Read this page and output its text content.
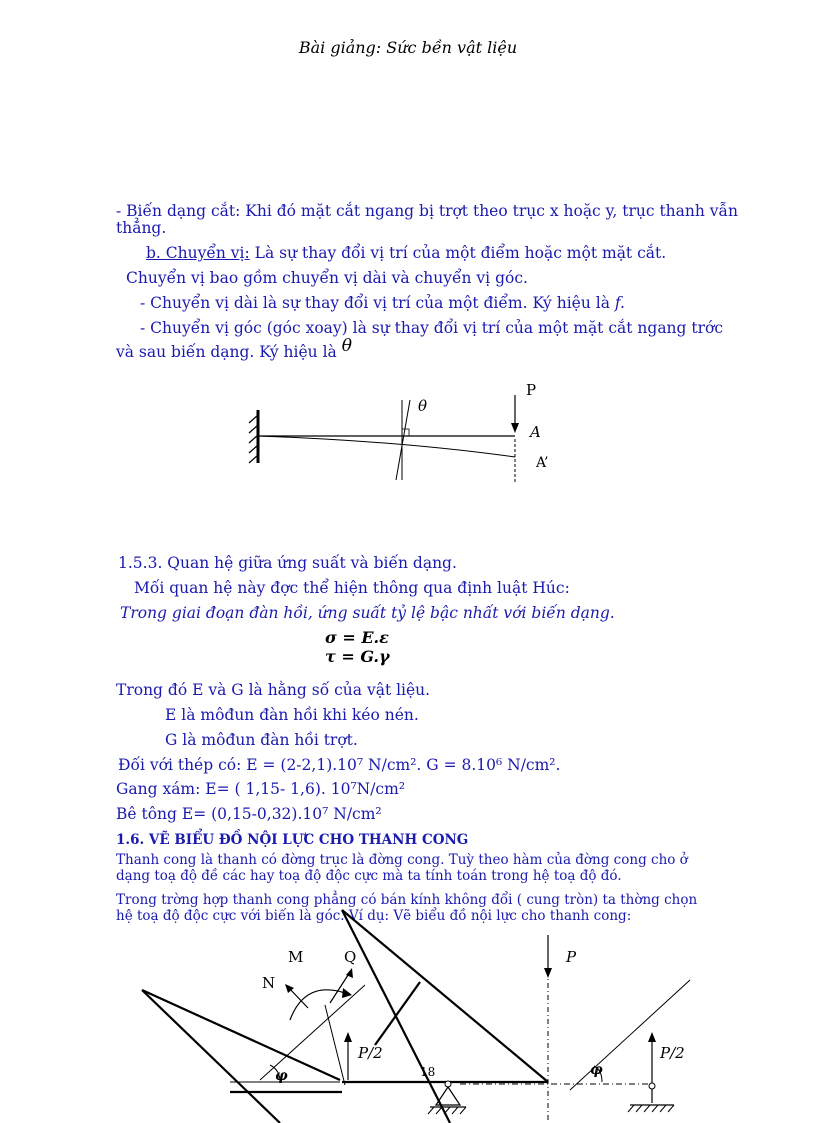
Bài giảng: Sức bền vật liệu
- Biến dạng cắt: Khi đó mặt cắt ngang bị trợt theo trục x hoặc y, trục thanh vẫn
thẳng.
b. Chuyển vị: Là sự thay đổi vị trí của một điểm hoặc một mặt cắt.
Chuyển vị bao gồm chuyển vị dài và chuyển vị góc.
- Chuyển vị dài là sự thay đổi vị trí của một điểm. Ký hiệu là f.
- Chuyển vị góc (góc xoay) là sự thay đổi vị trí của một mặt cắt ngang trớc
và sau biến dạng. Ký hiệu là θ
θ
P
A
A’
1.5.3. Quan hệ giữa ứng suất và biến dạng.
Mối quan hệ này đợc thể hiện thông qua định luật Húc:
Trong giai đoạn đàn hồi, ứng suất tỷ lệ bậc nhất với biến dạng.
σ = E.ε
τ = G.γ
Trong đó E và G là hằng số của vật liệu.
E là môđun đàn hồi khi kéo nén.
G là môđun đàn hồi trợt.
Đối với thép có: E = (2-2,1).10⁷ N/cm². G = 8.10⁶ N/cm².
Gang xám: E= ( 1,15- 1,6). 10⁷N/cm²
Bê tông E= (0,15-0,32).10⁷ N/cm²
1.6. VẼ BIỂU ĐỒ NỘI LỰC CHO THANH CONG
Thanh cong là thanh có đờng trục là đờng cong. Tuỳ theo hàm của đờng cong cho ở
dạng toạ độ đề các hay toạ độ độc cực mà ta tính toán trong hệ toạ độ đó.
Trong trờng hợp thanh cong phẳng có bán kính không đổi ( cung tròn) ta thờng chọn
hệ toạ độ độc cực với biến là góc. Ví dụ: Vẽ biểu đồ nội lực cho thanh cong:
M	Q
N
φ
P/2
18
P
φ
P/2
